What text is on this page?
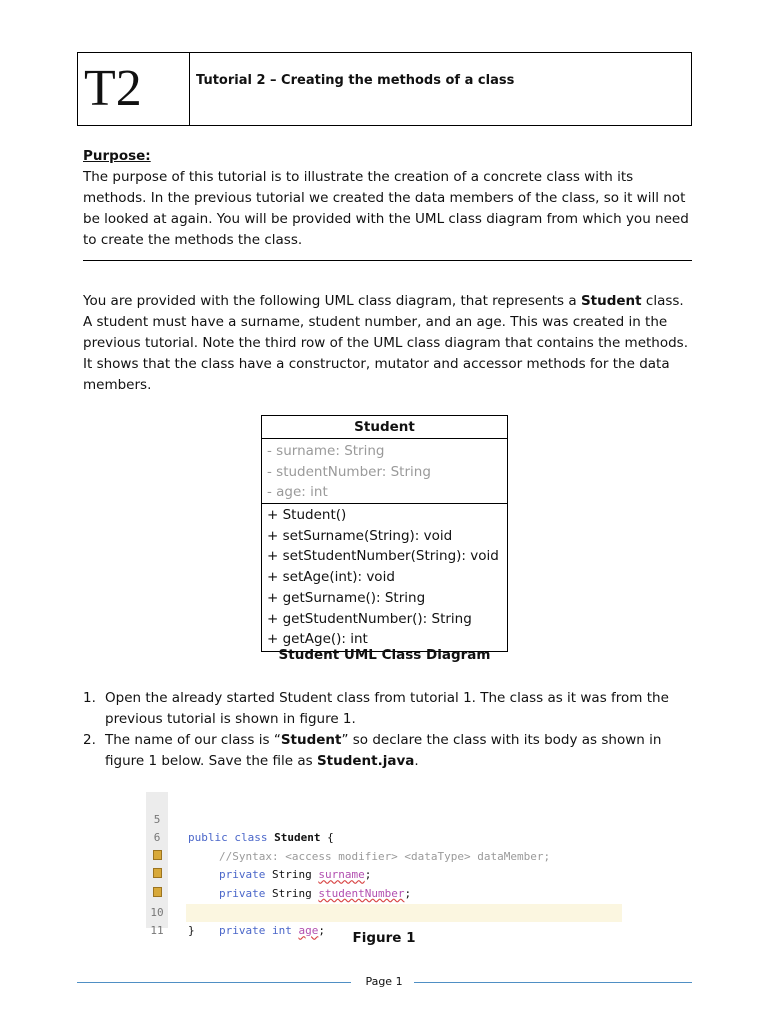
T2	Tutorial 2 – Creating the methods of a class
Purpose:
The purpose of this tutorial is to illustrate the creation of a concrete class with its methods. In the previous tutorial we created the data members of the class, so it will not be looked at again. You will be provided with the UML class diagram from which you need to create the methods the class.
You are provided with the following UML class diagram, that represents a Student class. A student must have a surname, student number, and an age. This was created in the previous tutorial. Note the third row of the UML class diagram that contains the methods. It shows that the class have a constructor, mutator and accessor methods for the data members.
Student
- surname: String
- studentNumber: String
- age: int
+ Student()
+ setSurname(String): void
+ setStudentNumber(String): void
+ setAge(int): void
+ getSurname(): String
+ getStudentNumber(): String
+ getAge(): int
Student UML Class Diagram
1. Open the already started Student class from tutorial 1. The class as it was from the previous tutorial is shown in figure 1.
2. The name of our class is “Student” so declare the class with its body as shown in figure 1 below. Save the file as Student.java.

5

public class Student {

6

//Syntax: <access modifier> <dataType> dataMember;

private String surname;

private String studentNumber;

private int age;

10

}

11

	Figure 1
Page 1
